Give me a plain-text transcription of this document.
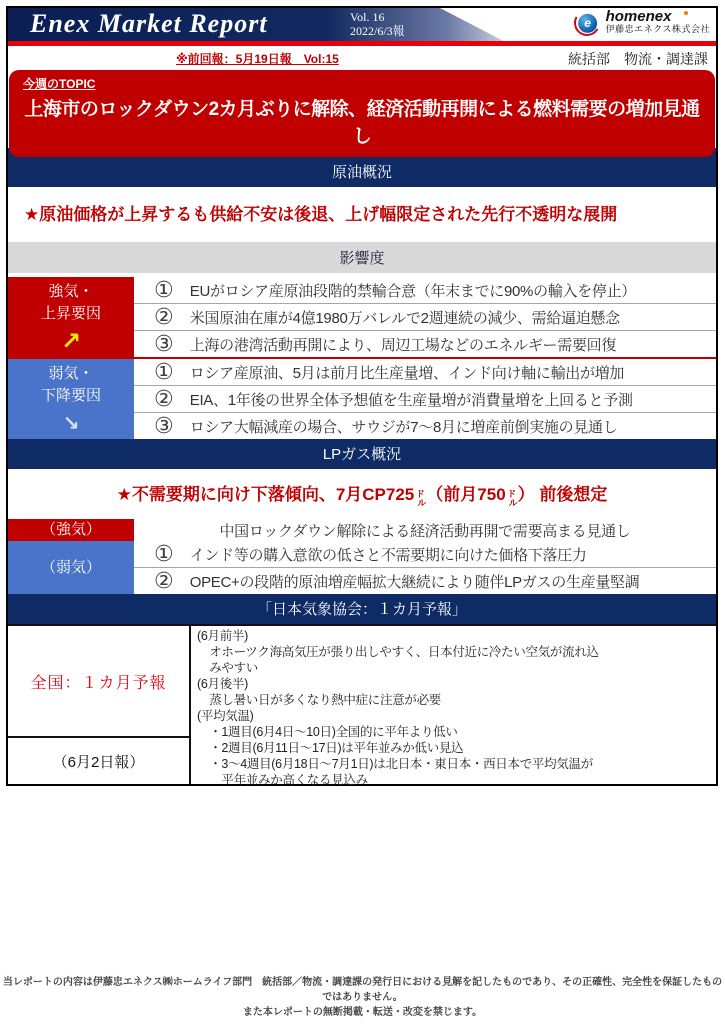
Enex Market Report	Vol. 16
2022/6/3報
e	homenex
伊藤忠エネクス株式会社
※前回報：5月19日報　Vol:15	統括部　物流・調達課
今週のTOPIC
上海市のロックダウン2カ月ぶりに解除、経済活動再開による燃料需要の増加見通し
原油概況
★原油価格が上昇するも供給不安は後退、上げ幅限定された先行不透明な展開
影響度
強気・
上昇要因
↗
① EUがロシア産原油段階的禁輸合意（年末までに90%の輸入を停止）
② 米国原油在庫が4億1980万バレルで2週連続の減少、需給逼迫懸念
③ 上海の港湾活動再開により、周辺工場などのエネルギー需要回復
弱気・
下降要因
↘
① ロシア産原油、5月は前月比生産量増、インド向け軸に輸出が増加
② EIA、1年後の世界全体予想値を生産量増が消費量増を上回ると予測
③ ロシア大幅減産の場合、サウジが7～8月に増産前倒実施の見通し
LPガス概況
★不需要期に向け下落傾向、7月CP725 ド
ル （前月750 ド
ル ） 前後想定
（強気）	中国ロックダウン解除による経済活動再開で需要高まる見通し
（弱気）
① インド等の購入意欲の低さと不需要期に向けた価格下落圧力
② OPEC+の段階的原油増産幅拡大継続により随伴LPガスの生産量堅調
「日本気象協会：１カ月予報」
全国：１カ月予報
（6月2日報）
(6月前半)
　オホーツク海高気圧が張り出しやすく、日本付近に冷たい空気が流れ込
　みやすい
(6月後半)
　蒸し暑い日が多くなり熱中症に注意が必要
(平均気温)
　・1週目(6月4日～10日)全国的に平年より低い
　・2週目(6月11日～17日)は平年並みか低い見込
　・3～4週目(6月18日～7月1日)は北日本・東日本・西日本で平均気温が
　　平年並みか高くなる見込み
当レポートの内容は伊藤忠エネクス㈱ホームライフ部門　統括部／物流・調達課の発行日における見解を記したものであり、その正確性、完全性を保証したものではありません。
また本レポートの無断掲載・転送・改変を禁じます。
